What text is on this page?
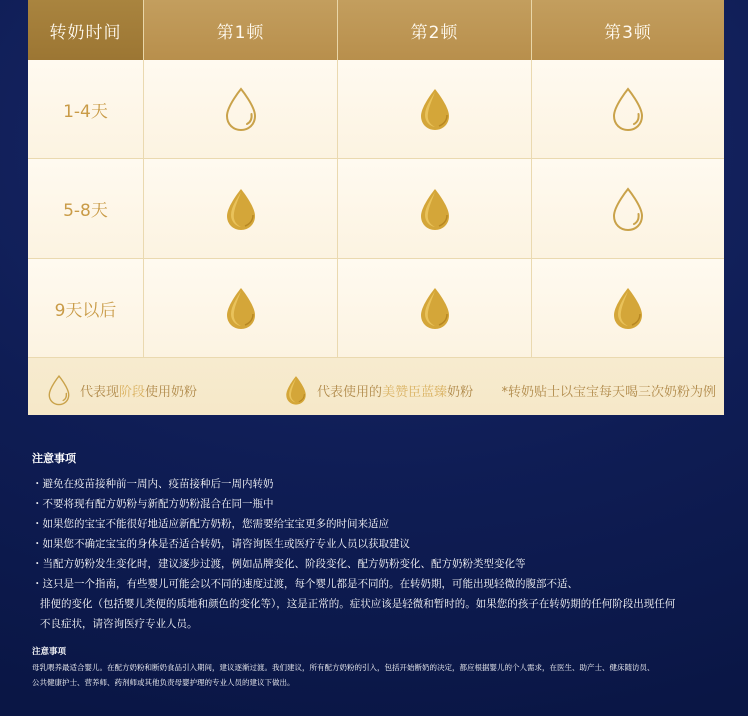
转奶时间	第1顿	第2顿	第3顿
1-4天
5-8天
9天以后
代表现阶段使用奶粉	代表使用的美赞臣蓝臻奶粉 *转奶贴士以宝宝每天喝三次奶粉为例
注意事项
・避免在疫苗接种前一周内、疫苗接种后一周内转奶
・不要将现有配方奶粉与新配方奶粉混合在同一瓶中
・如果您的宝宝不能很好地适应新配方奶粉，您需要给宝宝更多的时间来适应
・如果您不确定宝宝的身体是否适合转奶，请咨询医生或医疗专业人员以获取建议
・当配方奶粉发生变化时，建议逐步过渡，例如品牌变化、阶段变化、配方奶粉变化、配方奶粉类型变化等
・这只是一个指南，有些婴儿可能会以不同的速度过渡，每个婴儿都是不同的。在转奶期，可能出现轻微的腹部不适、
排便的变化（包括婴儿类便的质地和颜色的变化等），这是正常的。症状应该是轻微和暂时的。如果您的孩子在转奶期的任何阶段出现任何
不良症状，请咨询医疗专业人员。
注意事项
母乳喂养最适合婴儿。在配方奶粉和断奶食品引入期间，建议逐渐过渡。我们建议，所有配方奶粉的引入，包括开始断奶的决定，都应根据婴儿的个人需求，在医生、助产士、健床随访员、
公共健康护士、营养师、药剂师或其他负责母婴护理的专业人员的建议下做出。
